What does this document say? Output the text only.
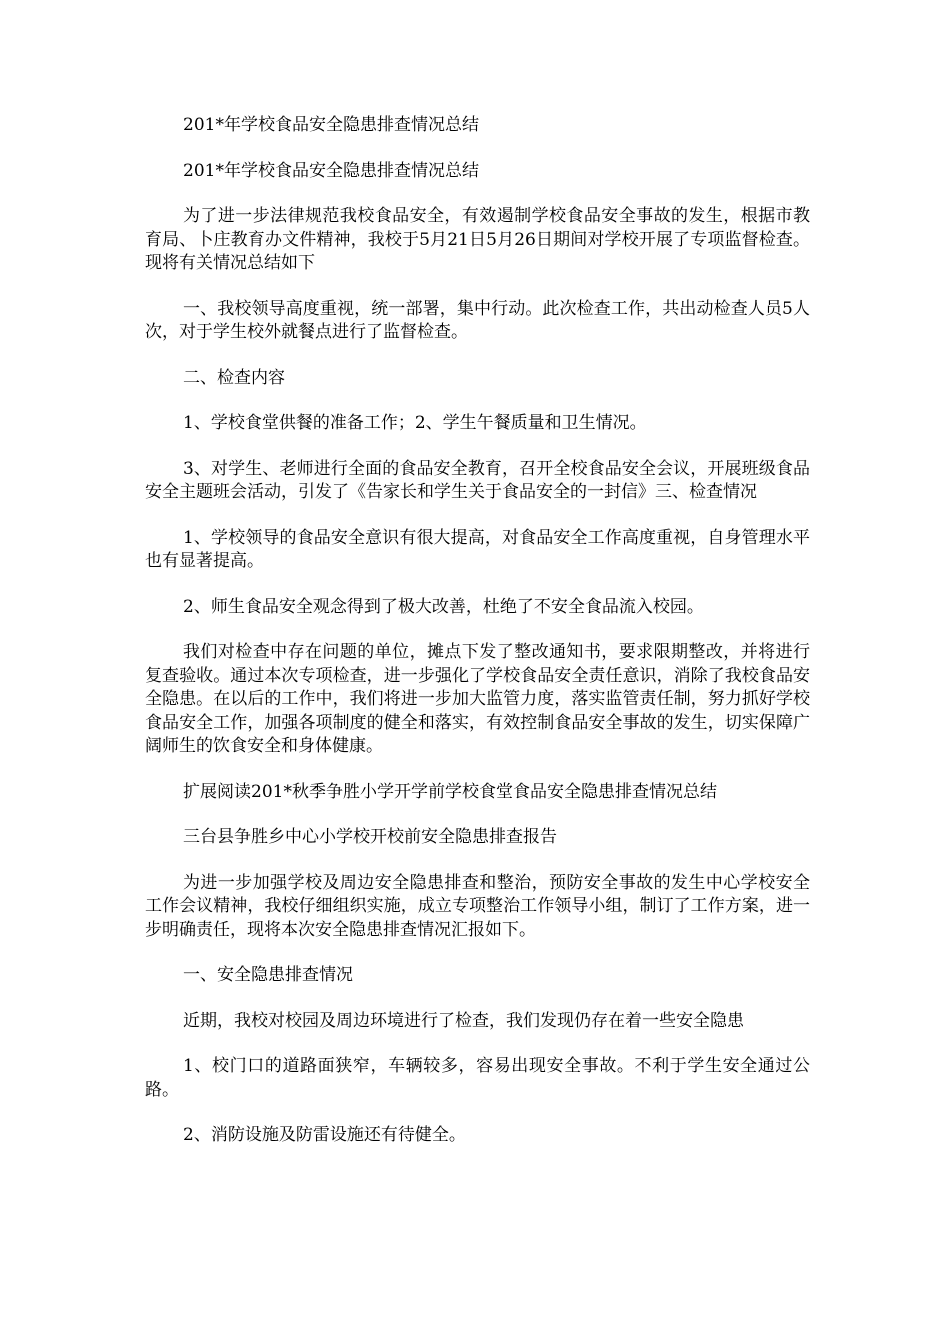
201*年学校食品安全隐患排查情况总结

201*年学校食品安全隐患排查情况总结

为了进一步法律规范我校食品安全，有效遏制学校食品安全事故的发生，根据市教育局、卜庄教育办文件精神，我校于5月21日5月26日期间对学校开展了专项监督检查。现将有关情况总结如下

一、我校领导高度重视，统一部署，集中行动。此次检查工作，共出动检查人员5人次，对于学生校外就餐点进行了监督检查。

二、检查内容

1、学校食堂供餐的准备工作；2、学生午餐质量和卫生情况。

3、对学生、老师进行全面的食品安全教育，召开全校食品安全会议，开展班级食品安全主题班会活动，引发了《告家长和学生关于食品安全的一封信》三、检查情况

1、学校领导的食品安全意识有很大提高，对食品安全工作高度重视，自身管理水平也有显著提高。

2、师生食品安全观念得到了极大改善，杜绝了不安全食品流入校园。

我们对检查中存在问题的单位，摊点下发了整改通知书，要求限期整改，并将进行复查验收。通过本次专项检查，进一步强化了学校食品安全责任意识，消除了我校食品安全隐患。在以后的工作中，我们将进一步加大监管力度，落实监管责任制，努力抓好学校食品安全工作，加强各项制度的健全和落实，有效控制食品安全事故的发生，切实保障广阔师生的饮食安全和身体健康。

扩展阅读201*秋季争胜小学开学前学校食堂食品安全隐患排查情况总结

三台县争胜乡中心小学校开校前安全隐患排查报告

为进一步加强学校及周边安全隐患排查和整治，预防安全事故的发生中心学校安全工作会议精神，我校仔细组织实施，成立专项整治工作领导小组，制订了工作方案，进一步明确责任，现将本次安全隐患排查情况汇报如下。

一、安全隐患排查情况

近期，我校对校园及周边环境进行了检查，我们发现仍存在着一些安全隐患

1、校门口的道路面狭窄，车辆较多，容易出现安全事故。不利于学生安全通过公路。

2、消防设施及防雷设施还有待健全。
